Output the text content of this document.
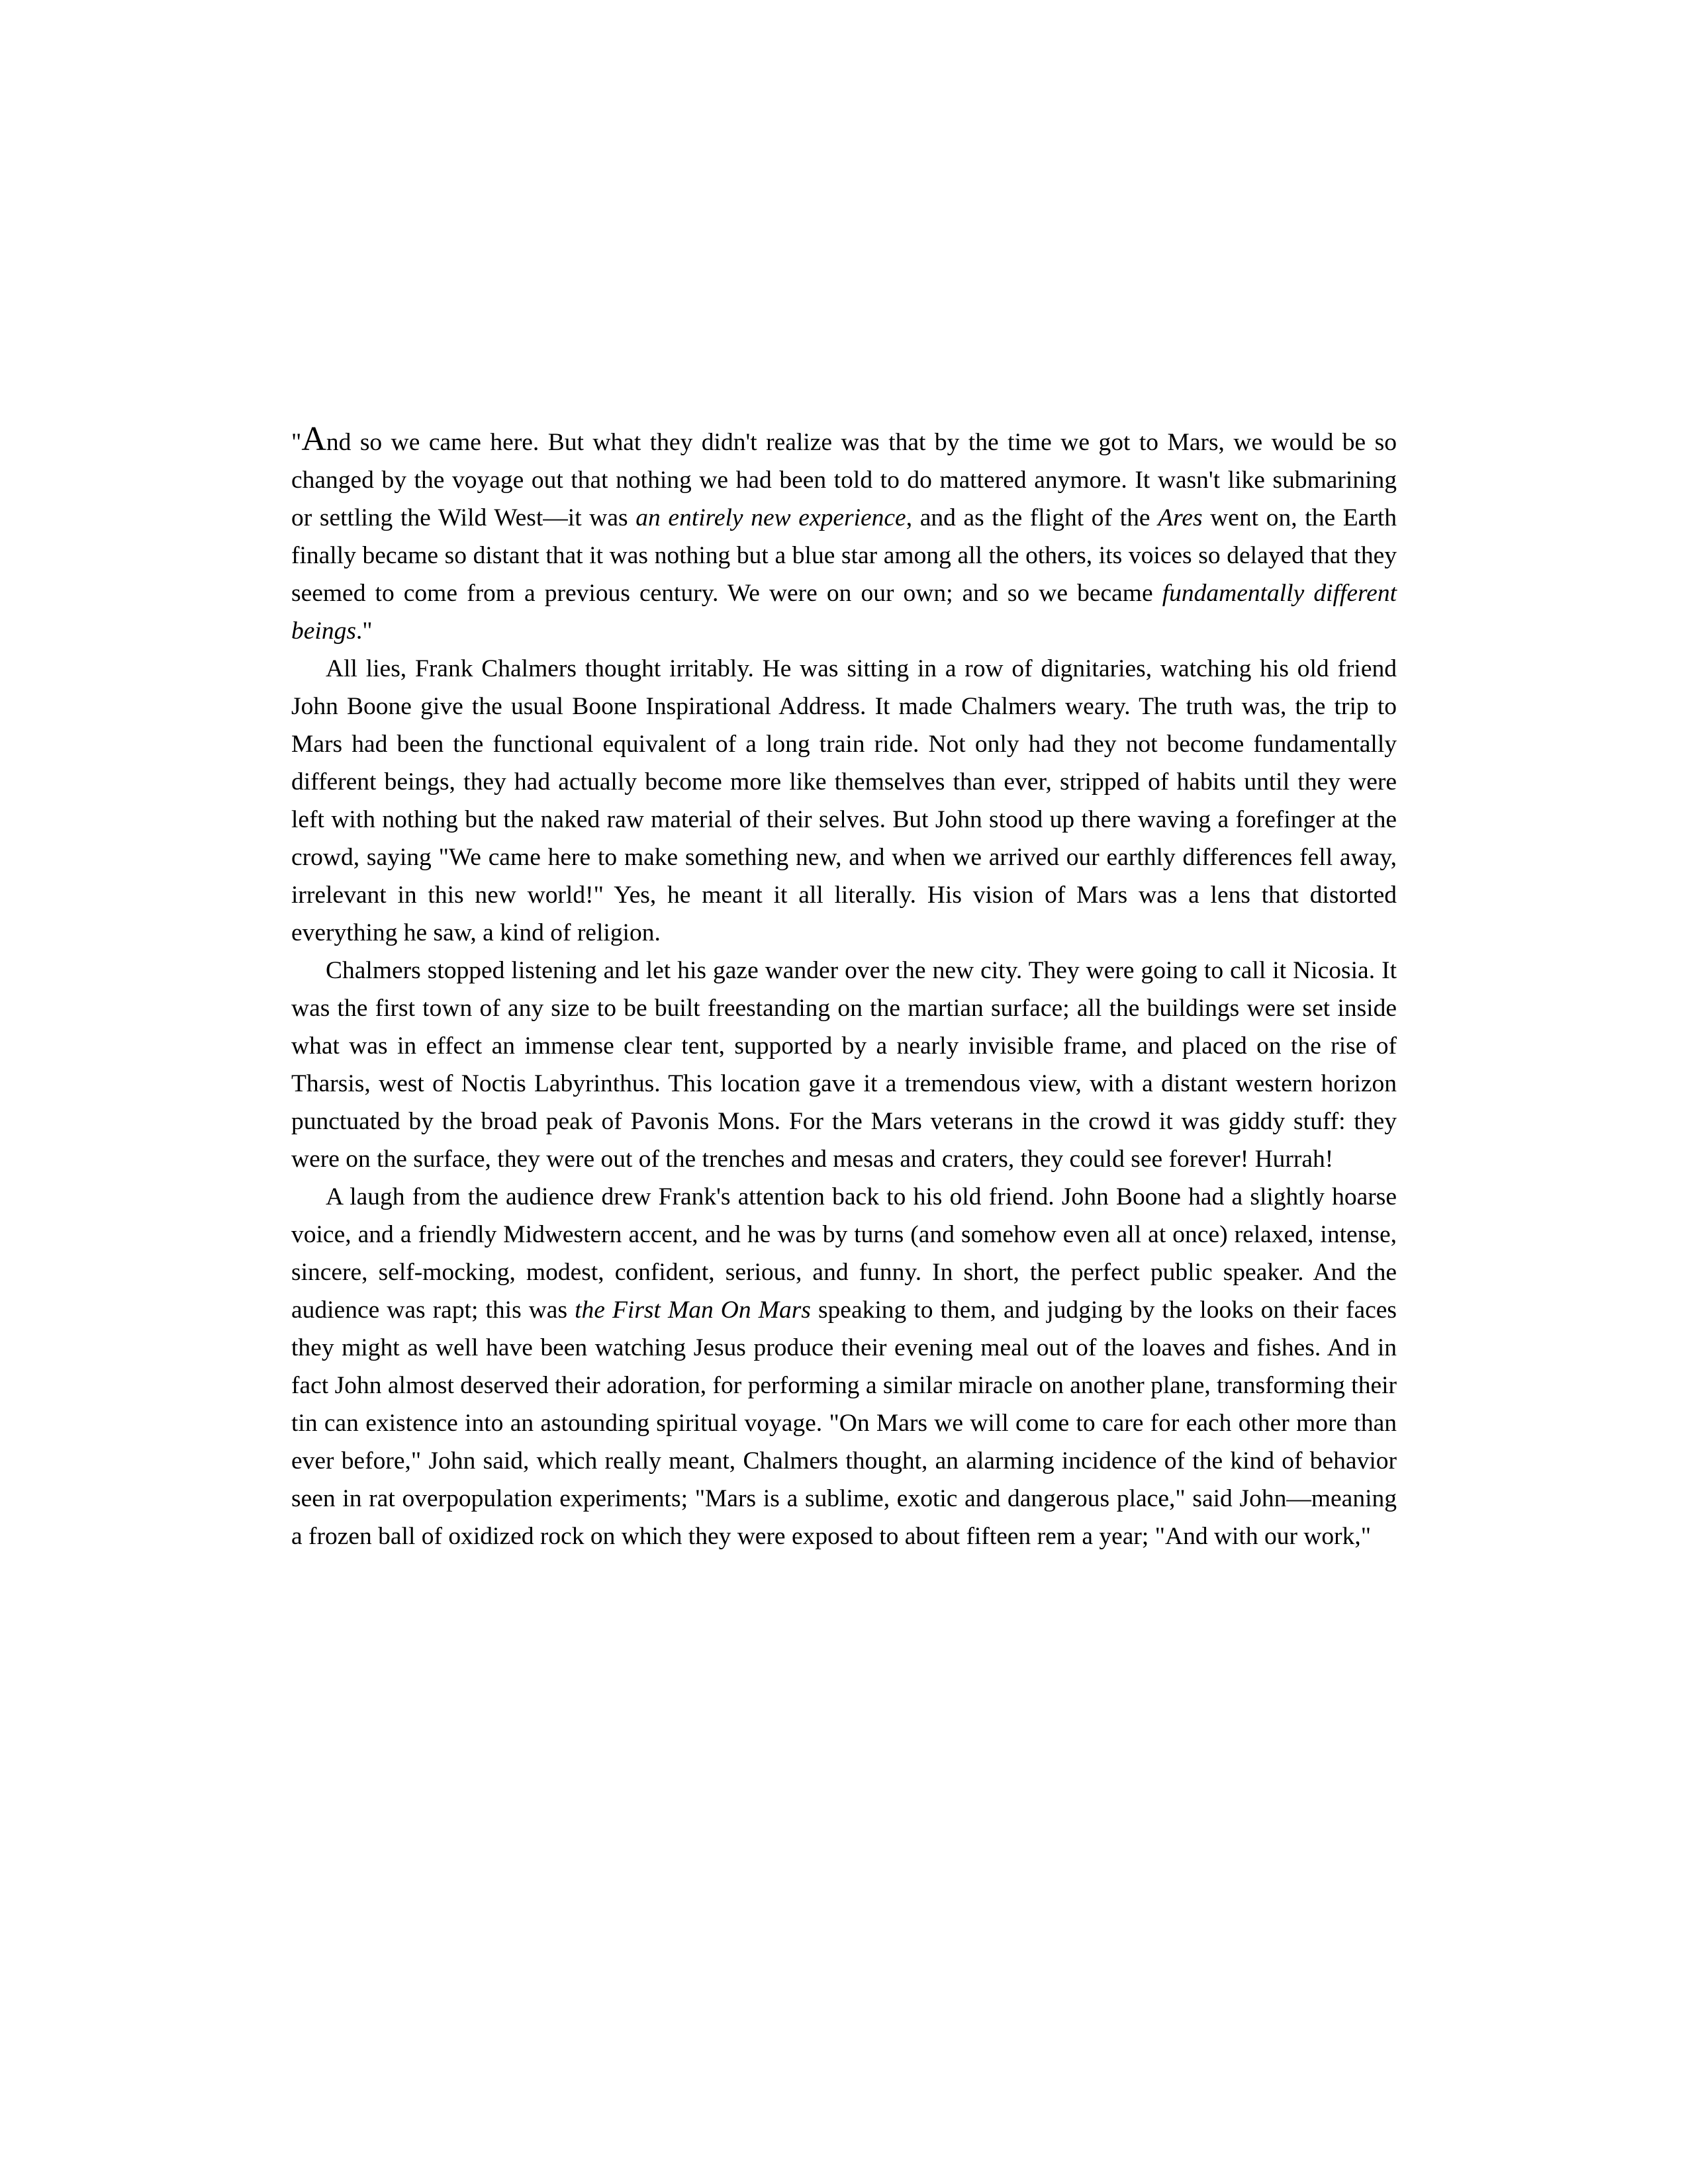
"And so we came here. But what they didn't realize was that by the time we got to Mars, we would be so changed by the voyage out that nothing we had been told to do mattered anymore. It wasn't like submarining or settling the Wild West—it was an entirely new experience, and as the flight of the Ares went on, the Earth finally became so distant that it was nothing but a blue star among all the others, its voices so delayed that they seemed to come from a previous century. We were on our own; and so we became fundamentally different beings."

All lies, Frank Chalmers thought irritably. He was sitting in a row of dignitaries, watching his old friend John Boone give the usual Boone Inspirational Address. It made Chalmers weary. The truth was, the trip to Mars had been the functional equivalent of a long train ride. Not only had they not become fundamentally different beings, they had actually become more like themselves than ever, stripped of habits until they were left with nothing but the naked raw material of their selves. But John stood up there waving a forefinger at the crowd, saying "We came here to make something new, and when we arrived our earthly differences fell away, irrelevant in this new world!" Yes, he meant it all literally. His vision of Mars was a lens that distorted everything he saw, a kind of religion.

Chalmers stopped listening and let his gaze wander over the new city. They were going to call it Nicosia. It was the first town of any size to be built freestanding on the martian surface; all the buildings were set inside what was in effect an immense clear tent, supported by a nearly invisible frame, and placed on the rise of Tharsis, west of Noctis Labyrinthus. This location gave it a tremendous view, with a distant western horizon punctuated by the broad peak of Pavonis Mons. For the Mars veterans in the crowd it was giddy stuff: they were on the surface, they were out of the trenches and mesas and craters, they could see forever! Hurrah!

A laugh from the audience drew Frank's attention back to his old friend. John Boone had a slightly hoarse voice, and a friendly Midwestern accent, and he was by turns (and somehow even all at once) relaxed, intense, sincere, self-mocking, modest, confident, serious, and funny. In short, the perfect public speaker. And the audience was rapt; this was the First Man On Mars speaking to them, and judging by the looks on their faces they might as well have been watching Jesus produce their evening meal out of the loaves and fishes. And in fact John almost deserved their adoration, for performing a similar miracle on another plane, transforming their tin can existence into an astounding spiritual voyage. "On Mars we will come to care for each other more than ever before," John said, which really meant, Chalmers thought, an alarming incidence of the kind of behavior seen in rat overpopulation experiments; "Mars is a sublime, exotic and dangerous place," said John—meaning a frozen ball of oxidized rock on which they were exposed to about fifteen rem a year; "And with our work,"
